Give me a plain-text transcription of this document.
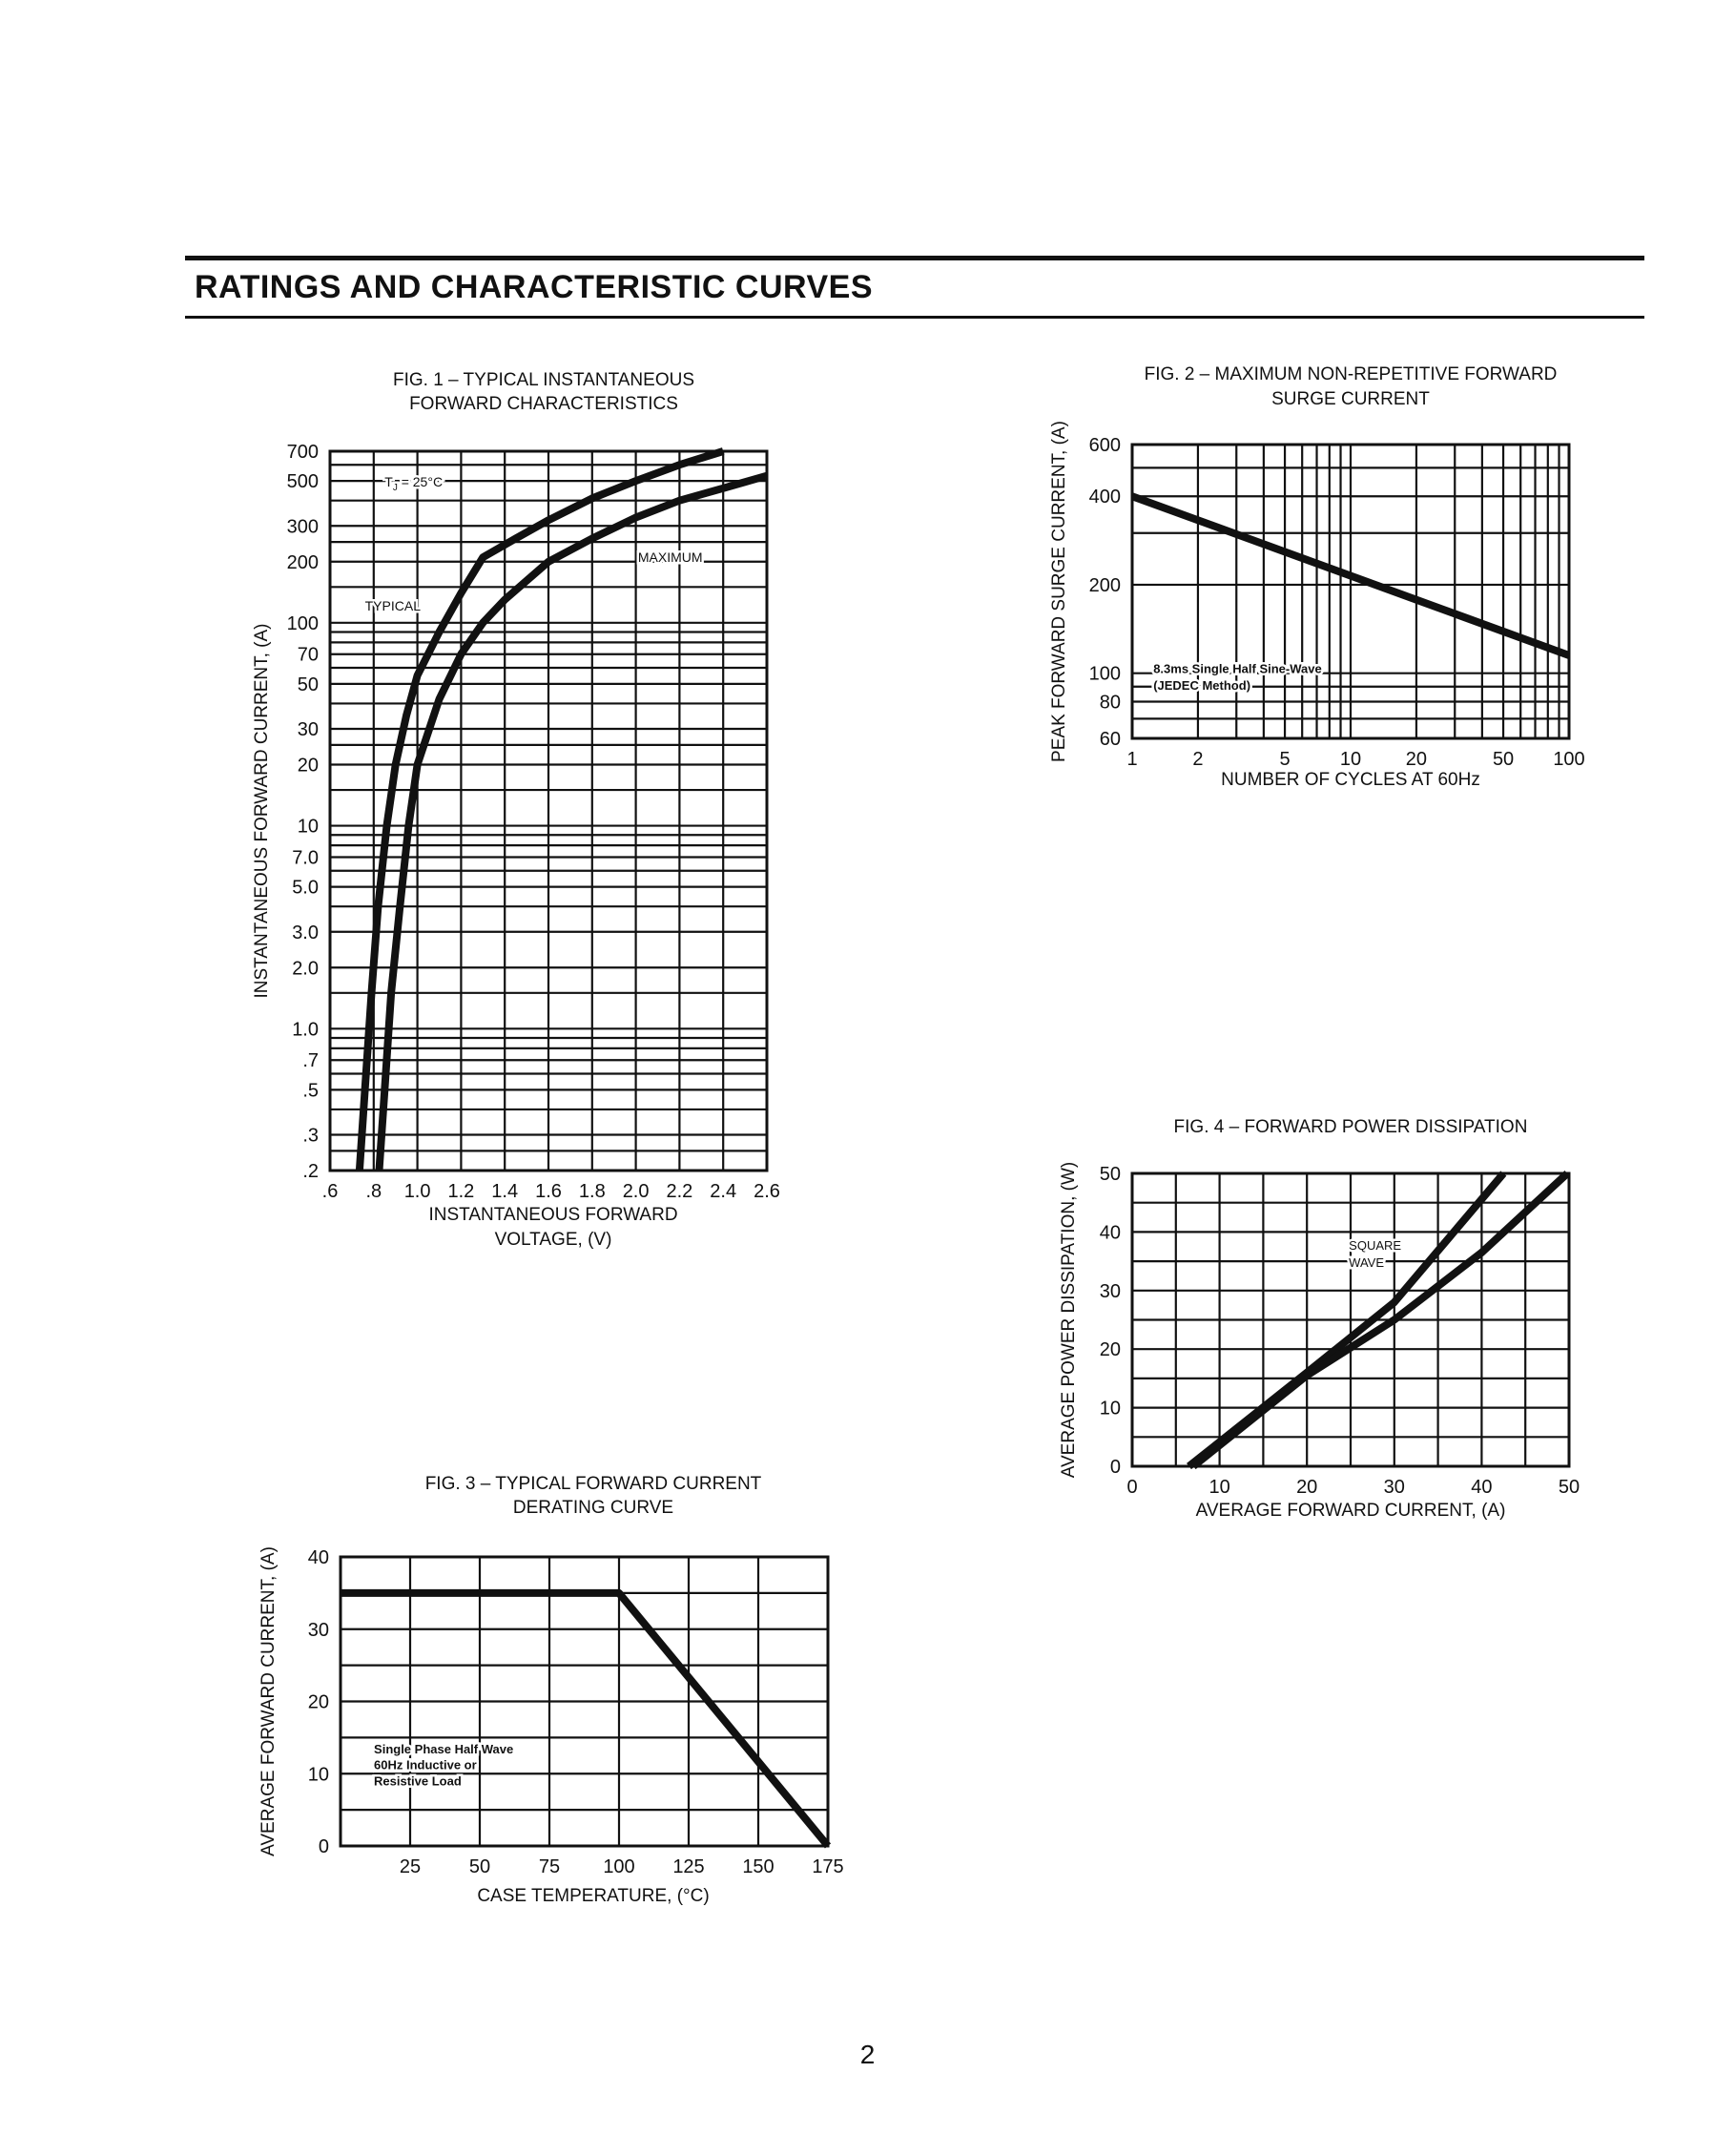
RATINGS AND CHARACTERISTIC CURVES
.6 .8 1.0 1.2 1.4 1.6 1.8 2.0 2.2 2.4 2.6
.2
.3
.5
.7
1.0
2.0
3.0
5.0
7.0
10
20
30
50
70
100
200
300
500
700
FIG. 1 – TYPICAL INSTANTANEOUS
FORWARD CHARACTERISTICS
INSTANTANEOUS FORWARD
VOLTAGE, (V)
INSTANTANEOUS FORWARD CURRENT, (A)
$T_J = 25^\circ C$
MAXIMUM
TYPICAL
1	2	5	10 20	50 100
60
80
100
200
400
600
FIG. 2 – MAXIMUM NON-REPETITIVE FORWARD
SURGE CURRENT
NUMBER OF CYCLES AT 60Hz
PEAK FORWARD SURGE CURRENT, (A)	8.3ms Single Half Sine-Wave
(JEDEC Method)
25	50	75 100 125 150 175
0
10
20
30
40
FIG. 3 – TYPICAL FORWARD CURRENT
DERATING CURVE
CASE TEMPERATURE, (°C)
AVERAGE FORWARD CURRENT, (A)	Single Phase Half Wave
60Hz Inductive or
Resistive Load
0	10	20	30	40	50
0
10
20
30
40
50
FIG. 4 – FORWARD POWER DISSIPATION
AVERAGE FORWARD CURRENT, (A)
AVERAGE POWER DISSIPATION, (W)	SQUARE
WAVE
2
